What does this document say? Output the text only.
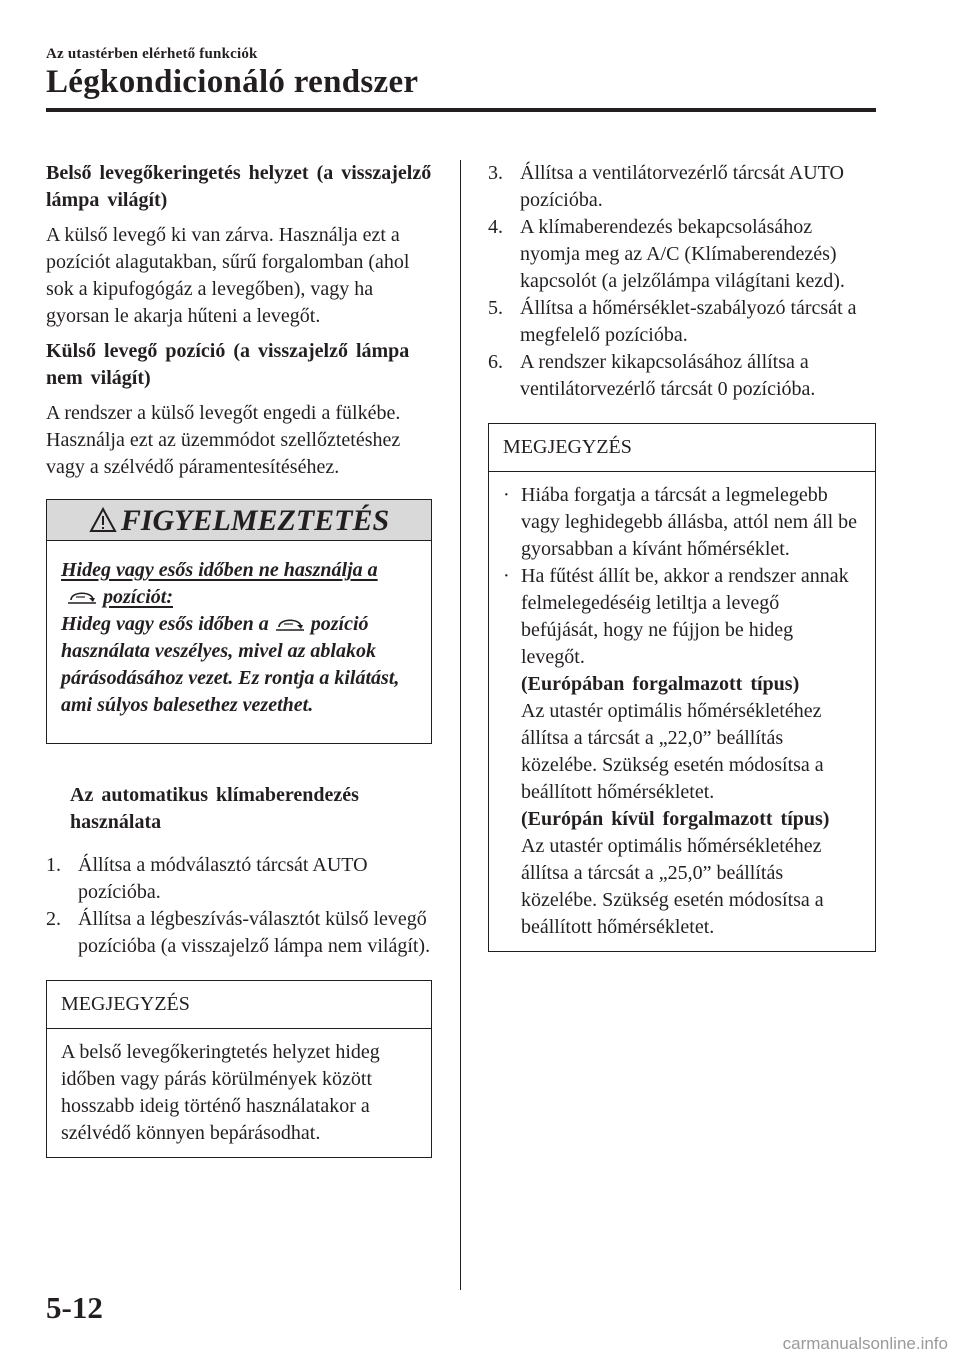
Az utastérben elérhető funkciók
Légkondicionáló rendszer

Belső levegőkeringetés helyzet (a visszajelző lámpa világít)

A külső levegő ki van zárva. Használja ezt a pozíciót alagutakban, sűrű forgalomban (ahol sok a kipufogógáz a levegőben), vagy ha gyorsan le akarja hűteni a levegőt.

Külső levegő pozíció (a visszajelző lámpa nem világít)

A rendszer a külső levegőt engedi a fülkébe. Használja ezt az üzemmódot szellőztetéshez vagy a szélvédő páramentesítéséhez.

FIGYELMEZTETÉS
Hideg vagy esős időben ne használja apozíciót:
Hideg vagy esős időben a pozíció használata veszélyes, mivel az ablakok párásodásához vezet. Ez rontja a kilátást, ami súlyos balesethez vezethet.

Az automatikus klímaberendezés használata

1. Állítsa a módválasztó tárcsát AUTO pozícióba.
2. Állítsa a légbeszívás-választót külső levegő pozícióba (a visszajelző lámpa nem világít).
MEGJEGYZÉS
A belső levegőkeringtetés helyzet hideg időben vagy párás körülmények között hosszabb ideig történő használatakor a szélvédő könnyen bepárásodhat.
3. Állítsa a ventilátorvezérlő tárcsát AUTO pozícióba.
4. A klímaberendezés bekapcsolásához nyomja meg az A/C (Klímaberendezés) kapcsolót (a jelzőlámpa világítani kezd).
5. Állítsa a hőmérséklet-szabályozó tárcsát a megfelelő pozícióba.
6. A rendszer kikapcsolásához állítsa a ventilátorvezérlő tárcsát 0 pozícióba.
MEGJEGYZÉS
· Hiába forgatja a tárcsát a legmelegebb vagy leghidegebb állásba, attól nem áll be gyorsabban a kívánt hőmérséklet.
· Ha fűtést állít be, akkor a rendszer annak felmelegedéséig letiltja a levegő befújását, hogy ne fújjon be hideg levegőt.
(Európában forgalmazott típus)
Az utastér optimális hőmérsékletéhez állítsa a tárcsát a „22,0” beállítás közelébe. Szükség esetén módosítsa a beállított hőmérsékletet.
(Európán kívül forgalmazott típus)
Az utastér optimális hőmérsékletéhez állítsa a tárcsát a „25,0” beállítás közelébe. Szükség esetén módosítsa a beállított hőmérsékletet.
5-12
carmanualsonline.info
